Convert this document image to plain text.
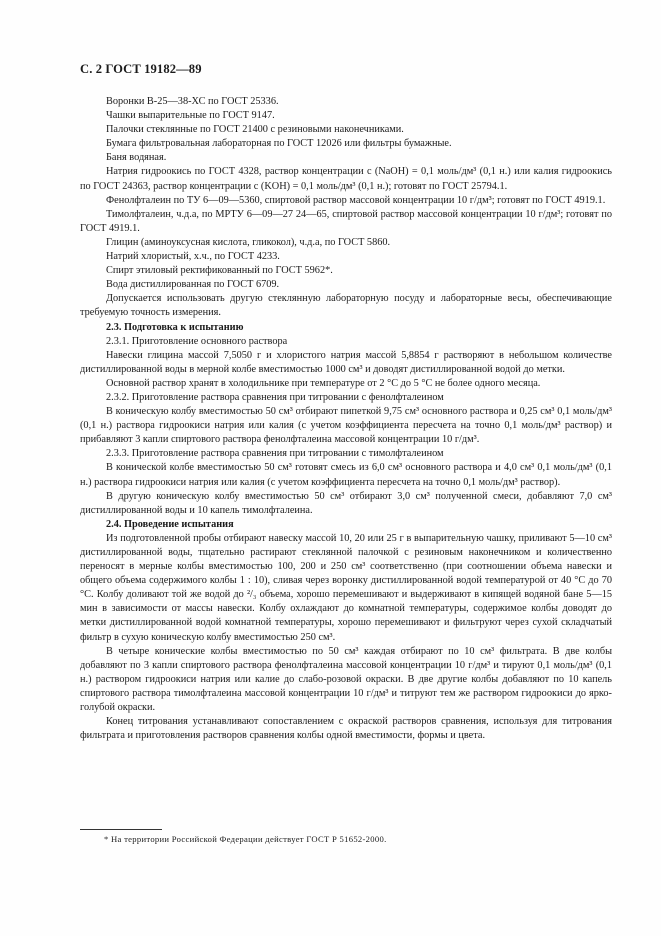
С. 2 ГОСТ 19182—89

Воронки В-25—38-ХС по ГОСТ 25336.

Чашки выпарительные по ГОСТ 9147.

Палочки стеклянные по ГОСТ 21400 с резиновыми наконечниками.

Бумага фильтровальная лабораторная по ГОСТ 12026 или фильтры бумажные.

Баня водяная.

Натрия гидроокись по ГОСТ 4328, раствор концентрации с (NaOH) = 0,1 моль/дм³ (0,1 н.) или калия гидроокись по ГОСТ 24363, раствор концентрации с (KOH) = 0,1 моль/дм³ (0,1 н.); готовят по ГОСТ 25794.1.

Фенолфталеин по ТУ 6—09—5360, спиртовой раствор массовой концентрации 10 г/дм³; готовят по ГОСТ 4919.1.

Тимолфталеин, ч.д.а, по МРТУ 6—09—27 24—65, спиртовой раствор массовой концентрации 10 г/дм³; готовят по ГОСТ 4919.1.

Глицин (аминоуксусная кислота, гликокол), ч.д.а, по ГОСТ 5860.

Натрий хлористый, х.ч., по ГОСТ 4233.

Спирт этиловый ректификованный по ГОСТ 5962*.

Вода дистиллированная по ГОСТ 6709.

Допускается использовать другую стеклянную лабораторную посуду и лабораторные весы, обеспечивающие требуемую точность измерения.

2.3. Подготовка к испытанию

2.3.1. Приготовление основного раствора

Навески глицина массой 7,5050 г и хлористого натрия массой 5,8854 г растворяют в небольшом количестве дистиллированной воды в мерной колбе вместимостью 1000 см³ и доводят дистиллированной водой до метки.

Основной раствор хранят в холодильнике при температуре от 2 °С до 5 °С не более одного месяца.

2.3.2. Приготовление раствора сравнения при титровании с фенолфталеином

В коническую колбу вместимостью 50 см³ отбирают пипеткой 9,75 см³ основного раствора и 0,25 см³ 0,1 моль/дм³ (0,1 н.) раствора гидроокиси натрия или калия (с учетом коэффициента пересчета на точно 0,1 моль/дм³ раствор) и прибавляют 3 капли спиртового раствора фенолфталеина массовой концентрации 10 г/дм³.

2.3.3. Приготовление раствора сравнения при титровании с тимолфталеином

В конической колбе вместимостью 50 см³ готовят смесь из 6,0 см³ основного раствора и 4,0 см³ 0,1 моль/дм³ (0,1 н.) раствора гидроокиси натрия или калия (с учетом коэффициента пересчета на точно 0,1 моль/дм³ раствор).

В другую коническую колбу вместимостью 50 см³ отбирают 3,0 см³ полученной смеси, добавляют 7,0 см³ дистиллированной воды и 10 капель тимолфталеина.

2.4. Проведение испытания

Из подготовленной пробы отбирают навеску массой 10, 20 или 25 г в выпарительную чашку, приливают 5—10 см³ дистиллированной воды, тщательно растирают стеклянной палочкой с резиновым наконечником и количественно переносят в мерные колбы вместимостью 100, 200 и 250 см³ соответственно (при соотношении объема навески и общего объема содержимого колбы 1 : 10), сливая через воронку дистиллированной водой температурой от 40 °С до 70 °С. Колбу доливают той же водой до ²/₃ объема, хорошо перемешивают и выдерживают в кипящей водяной бане 5—15 мин в зависимости от массы навески. Колбу охлаждают до комнатной температуры, содержимое колбы доводят до метки дистиллированной водой комнатной температуры, хорошо перемешивают и фильтруют через сухой складчатый фильтр в сухую коническую колбу вместимостью 250 см³.

В четыре конические колбы вместимостью по 50 см³ каждая отбирают по 10 см³ фильтрата. В две колбы добавляют по 3 капли спиртового раствора фенолфталеина массовой концентрации 10 г/дм³ и тируют 0,1 моль/дм³ (0,1 н.) раствором гидроокиси натрия или калие до слабо-розовой окраски. В две другие колбы добавляют по 10 капель спиртового раствора тимолфталеина массовой концентрации 10 г/дм³ и титруют тем же раствором гидроокиси до ярко-голубой окраски.

Конец титрования устанавливают сопоставлением с окраской растворов сравнения, используя для титрования фильтрата и приготовления растворов сравнения колбы одной вместимости, формы и цвета.

* На территории Российской Федерации действует ГОСТ Р 51652-2000.
